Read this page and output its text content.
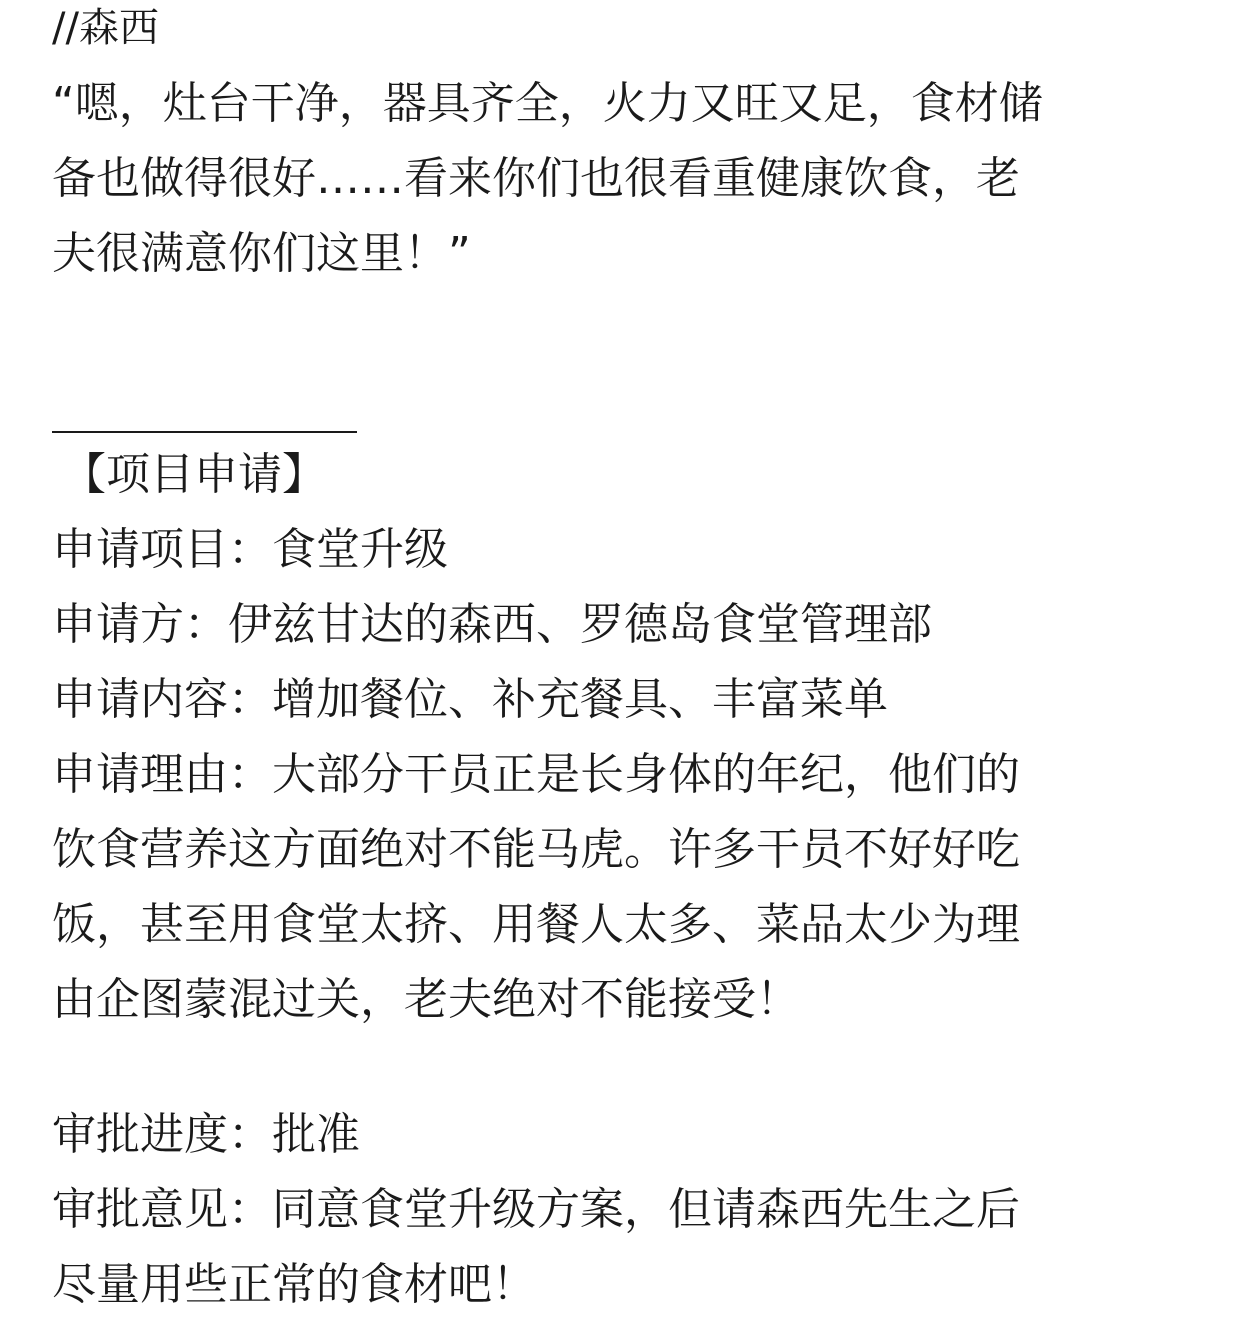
//森西
“嗯，灶台干净，器具齐全，火力又旺又足，食材储
备也做得很好……看来你们也很看重健康饮食，老
夫很满意你们这里！”
【项目申请】
申请项目：食堂升级
申请方：伊兹甘达的森西、罗德岛食堂管理部
申请内容：增加餐位、补充餐具、丰富菜单
申请理由：大部分干员正是长身体的年纪，他们的
饮食营养这方面绝对不能马虎。许多干员不好好吃
饭，甚至用食堂太挤、用餐人太多、菜品太少为理
由企图蒙混过关，老夫绝对不能接受！
审批进度：批准
审批意见：同意食堂升级方案，但请森西先生之后
尽量用些正常的食材吧！
